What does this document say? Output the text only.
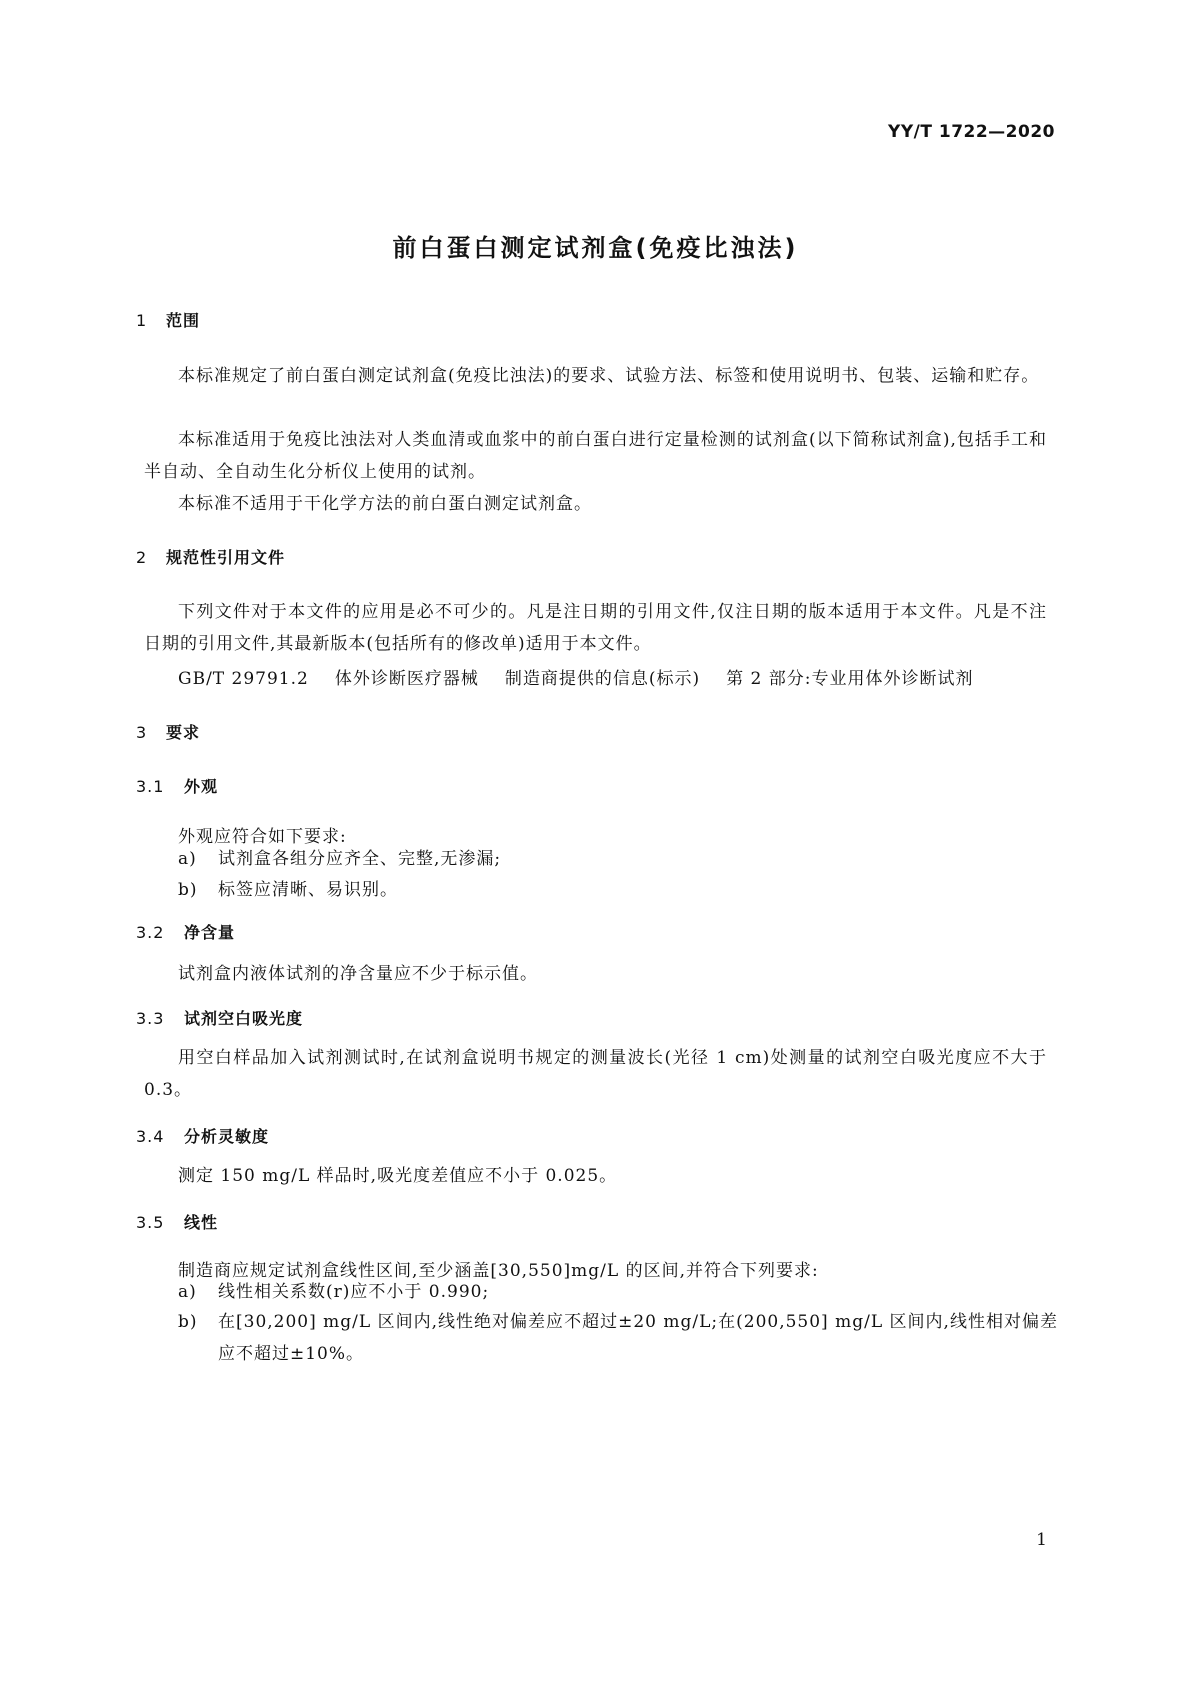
YY/T 1722—2020
前白蛋白测定试剂盒(免疫比浊法)
1 范围
本标准规定了前白蛋白测定试剂盒(免疫比浊法)的要求、试验方法、标签和使用说明书、包装、运输和贮存。
本标准适用于免疫比浊法对人类血清或血浆中的前白蛋白进行定量检测的试剂盒(以下简称试剂盒),包括手工和半自动、全自动生化分析仪上使用的试剂。
本标准不适用于干化学方法的前白蛋白测定试剂盒。
2 规范性引用文件
下列文件对于本文件的应用是必不可少的。凡是注日期的引用文件,仅注日期的版本适用于本文件。凡是不注日期的引用文件,其最新版本(包括所有的修改单)适用于本文件。
GB/T 29791.2 体外诊断医疗器械 制造商提供的信息(标示) 第 2 部分:专业用体外诊断试剂
3 要求
3.1 外观
外观应符合如下要求:
a) 试剂盒各组分应齐全、完整,无渗漏;
b) 标签应清晰、易识别。
3.2 净含量
试剂盒内液体试剂的净含量应不少于标示值。
3.3 试剂空白吸光度
用空白样品加入试剂测试时,在试剂盒说明书规定的测量波长(光径 1 cm)处测量的试剂空白吸光度应不大于 0.3。
3.4 分析灵敏度
测定 150 mg/L 样品时,吸光度差值应不小于 0.025。
3.5 线性
制造商应规定试剂盒线性区间,至少涵盖[30,550]mg/L 的区间,并符合下列要求:
a) 线性相关系数(r)应不小于 0.990;
b) 在[30,200] mg/L 区间内,线性绝对偏差应不超过±20 mg/L;在(200,550] mg/L 区间内,线性相对偏差应不超过±10%。
1
